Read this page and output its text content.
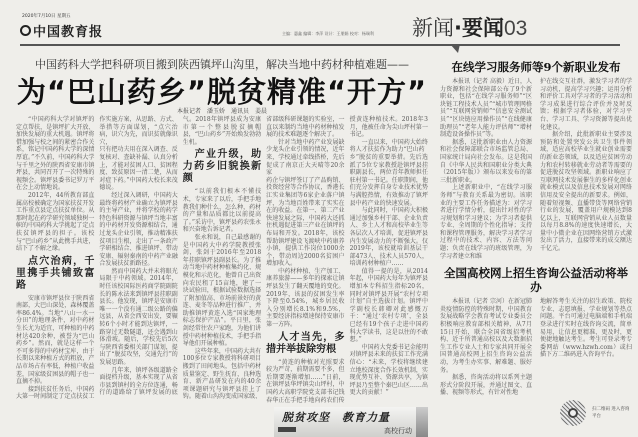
2020年7月10日 星期五
中国教育报	主编：惠鑫 编辑：李萍 设计：王朋娟 校对：杨瑞利 新闻·要闻03
中国药科大学把科研项目搬到陕西镇坪山沟里，解决当地中药材种植难题——
为“巴山药乡”脱贫精准“开方”
本报记者　潘玉娇　通讯员　姜晨

“中国药科大学对镇坪的定点帮扶，是镇坪扩大开放、加快发展的重大机遇。镇坪将借加强与校之间的紧密合作关系，铭记中国药科大学的深情厚谊。”不久前，中国药科大学与千里之外的陕西省安康市镇坪县，共同召开了一次特殊的视频会。镇坪县委书记罗万平在会上动情地说。

2012年，44所教育部直属高校被确定为国家扶贫开发工作重点县定点扶贫单位。从那时起在药学研究领域独树一帜的中国药科大学挑起了定点扶贫镇坪县的担子。该校与“巴山药乡”从此携手共进，结下了不解之缘。

点穴治病，千里携手共铺致富路

安康市镇坪县位于陕西省南部，大巴山深处，森林覆盖率86.4%。当地“八山一水一分田”的地理条件，对中药材生长尤为适宜，可种植的中药材达420余种，被誉为“巴山药乡”。然而，就是这样一个不可多得的中药材宝库，由于长期以来种植方式的粗放，产品市场占有率低，种植户收益差，国家级贫困县的帽子也一直摘不掉。

接到扶贫任务后，中国药大第一时间制定了定点扶贫工作实施方案，从思路、方式、举措等方面谋划，“点穴治病，识穴为先，而识贫就像识穴，

只有把功夫用在深入调查、反复核对、查缺补漏、认真分析上，才能对贫困人口、贫困程度、致贫原因一清二楚，从而对症下药。”中国药大校长来茂德说。

经过深入调研，中国药大最终将药材产业确立为镇坪县的主导产业，并将学校的药学特色科研资源与镇坪当地丰富的中药材开发资源相结合，通过龙头企业引领，推动精准扶贫项目生根，走出了一条政产学研相结合、推进镇坪、带动安康、辐射秦南的中药产业融合发展扶贫新路径。

然而中国药大并未将眼光局限于中药领域。2014年，时任该校国际医药商学院副院长的陈永法来到镇坪县挂职副县长。他发现，镇坪是安康市唯一一个没有通二级公路的偏远县，从省会西安出发，要辗转6个小时才能到达镇坪，一路穿过无数隧道，还会遇到山体滑坡。随后，学校先后5次与陕西省委相关部门谋划，提出了“脱贫攻坚，交通先行”的发展思路。

几年来，镇坪各级道路全面提档升级，基本实现了从省市县到镇村的全方位连通，畅行的道路给了镇坪发展的底气。2018年镇坪县成为安康市第一个整县脱贫摘帽县，“巴山药乡”开始焕发勃勃生机。

产业升级，助力药乡旧貌换新颜

“以前我们根本不懂技术，专家来了以后，手把手地教我们种什么、怎么种，药材的产量和品质都比以前提高了。”采访中，镇坪县药农张永和兴奋地告诉记者。

张永和说，自己最感谢的是中国药大中药学院教授张剑，张剑于2016年至2018年挂职镇坪县副县长。为了推动当地中药材种植集约化、规模化和示范化，他曾自己出资向农民租了15亩地，建了一块试验田，根据试验数据选择了附加值高、市场前景好的黄连、麦冬等品种进行推广，并助推镇坪黄连入选“国家地理标志保护产品”。平日里，张剑经常往农户家跑，为他们讲授中药材种植技术，手把手指导他们开展种植。

这些年来，中国药大共有100多位专家教授将科研项目搬到了田间地头，包括中药材质量鉴定、野生抚育、良种选育、新产品研发在内的40余项课题研究与镇坪县挂上了钩。随着山沟沟变成国家级、省部级科研课题的实验室，一直以来制约当地中药材种植发展的技术难题逐个解决了。

针对当地中药产业发展缺少龙头企业引领的情况，近年来，学校通过牵线搭桥，先后促成了南京正大天晴等20余家

药企与镇坪签订了产品购销、投资经营等合作协议，香港长江实业集团等6家企业落户镇坪，为当地百姓带来了实实在在的收益。在第一、第二产业快速发展之际，中国药大还抓住机遇促进第三产业在镇坪的布局和开发。2018年，该校帮助镇坪建设飞渡峡中药康养小镇，提供工作岗位1000余个，带动周边2000名贫困户增加收入。

中药材种植、生产加工、康养旅游——多年的探索让镇坪县发生了翻天覆地的变化。2019年，该县的贫困发生率下降至0.54%，城乡居民收入分别增长8.1%和9.5%，主要经济指标增速保持安康市第一方阵。

人才当先，多措并举拔除穷根

“黄连的种植对光照要求较为严苛，前期需要不多，但后期要逐渐增加……”日前，在镇坪县华坪镇尖山坪村，中国药大高职学院党支部书记钱春华正在手把手地向药农们传授黄连种植技术。2018年3月，他被任命为尖山坪村第一书记。

一直以来，中国药大始终将人才扶贫作为助力“巴山药

乡”脱贫的重要举措。先后选派了5位专家教授赴镇坪县挂职副县长，两位青年教师担任驻村第一书记。任职期间，他们充分发挥自身专业技术优势与满腔热情，有效推动了镇坪县中药产业的快速发展。

与此同时，中国药大积极通过加强乡村干部、企业负责人、乡土人才和高校毕业生等各层次人才培训，促进镇坪县内生发展动力的不断强大。仅2019年，该校就培训基层干部473人、技术人员570人，培训药材种植户……

值得一提的是，从2014年起，中国药大每年为镇坪县增加本专科招生指标20名，同时对镇坪县开展“农村专项计划”自主选拔计划。镇坪中学副校长韩卿对此感慨万千：“通过‘农村专项’，全县已经有19个孩子走进中国药科大学读书，这是以往的不敢想。”

中国药大党委书记金能明对镇坪县未来的扶贫工作充满信心：“未来，学校将继续建立地校深度合作长效机制，实现优势互补、资源共享，为镇坪县乃至整个秦巴山区……出更大的贡献！”

脱贫攻坚　教育力量
高校行动
在线学习服务师等9个新职业发布

本报讯（记者 高毅）近日，人力资源和社会保障部公布了9个新职业，包括“在线学习服务师”“区块链工程技术人员”“城市管理网格员”“互联网营销师”“信息安全测试员”“区块链应用操作员”“在线健康助理员”“老年人能力评估师”“增材制造设备操作员”等。

据悉，这批新职业由人力资源和社会保障部联合市场监管总局、国家统计局向社会发布。这是我国自《中华人民共和国职业分类大典（2015年版）》颁布以来发布的第三批新职业。

上述新职业中，“在线学习服务师”与教育关系最为密切。该职业的主要工作任务描述为：对学习者进行学情分析，提出针对性的学习规划和学习建议；为学习者提供专业、全周期的个性化指导；支持和课程管理服务，解决学习者学习过程中的技术、内容、方法等问题；负责在线学习的班级管理，为学习者建立和维

护在线交互社群，激发学习者的学习动机，提高学习兴趣；运用分析和评价工具对学习者的学习活动和学习成果进行综合评价并及时反馈；根据学习者体验，对学习平台、学习工具、学习资源等提出优化建议。

据介绍，此批新职业主要涉及预防和处置突发公共卫生事件领域，适应高校毕业生就业创业需要的新业态领域，以及适应贫困劳动力和农村转移就业劳动者等需要的促进脱贫攻坚领域。新职业响应了互联网技术发展催生的多样化创业就业模式以及信息技术发展对网络信用及安全提出的新要求。例如，随着短视频、直播带货等网络营销行业的发展，覆盖用户规模达到8亿以上，互联网营销从业人员数量以每月8.8%的速度快速增长，大量中小微企业在因网络营销方式激发出了活力，直接带来的成交额达千亿元。

全国高校网上招生咨询公益活动将举办

本报讯（记者 宗河）在新冠肺炎疫情防控的特殊时期，中国教育发展战略学会教育考试专业委员会积极响应教育部相关精神，从7月15日开始，联合全国省级招考机构、近千所普通高校以及大数据招生工作专业人士和专家共同开展全国普通高校网上招生咨询公益活动，为考生办实事、解难题、服好务。

据悉，咨询活动将以系列主题形式分阶段开展，并通过图文、直播、视频等形式，有针对性地

地解答考生关注的招生政策、院校专业、志愿填报、学业规划等热点问题。平台可通过电脑端和手机端登录进行实时在线咨询交流，简单易用，让信息更精准、更及时，更便捷地触达考生。考生可登录考专委网站（www.hzwh.com）或扫描下方二维码进入咨询平台。

扫二维码 进入咨询平台
